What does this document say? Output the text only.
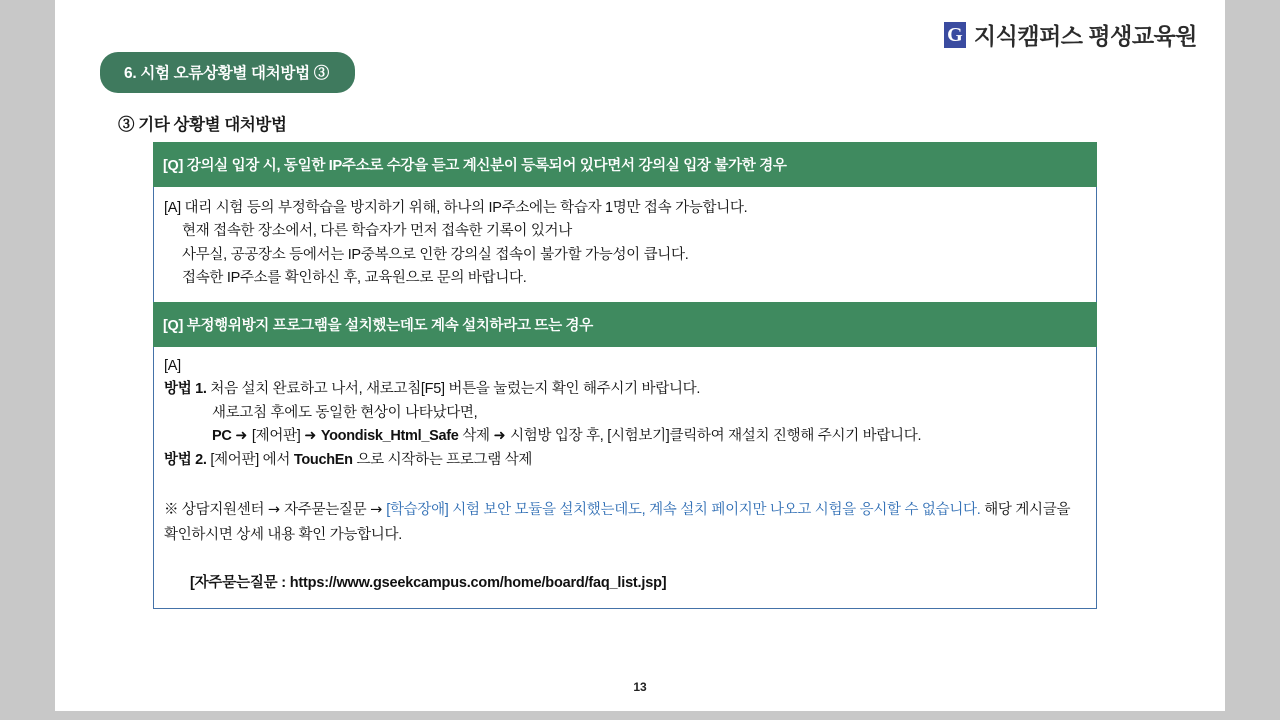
G 지식캠퍼스 평생교육원
6. 시험 오류상황별 대처방법 ③
③ 기타 상황별 대처방법
[Q] 강의실 입장 시, 동일한 IP주소로 수강을 듣고 계신분이 등록되어 있다면서 강의실 입장 불가한 경우
[A] 대리 시험 등의 부정학습을 방지하기 위해, 하나의 IP주소에는 학습자 1명만 접속 가능합니다.
현재 접속한 장소에서, 다른 학습자가 먼저 접속한 기록이 있거나
사무실, 공공장소 등에서는 IP중복으로 인한 강의실 접속이 불가할 가능성이 큽니다.
접속한 IP주소를 확인하신 후, 교육원으로 문의 바랍니다.
[Q] 부정행위방지 프로그램을 설치했는데도 계속 설치하라고 뜨는 경우
[A]
방법 1. 처음 설치 완료하고 나서, 새로고침[F5] 버튼을 눌렀는지 확인 해주시기 바랍니다.
새로고침 후에도 동일한 현상이 나타났다면,
PC ➜ [제어판] ➜ Yoondisk_Html_Safe 삭제 ➜ 시험방 입장 후, [시험보기]클릭하여 재설치 진행해 주시기 바랍니다.
방법 2. [제어판] 에서 TouchEn 으로 시작하는 프로그램 삭제
※ 상담지원센터 → 자주묻는질문 → [학습장애] 시험 보안 모듈을 설치했는데도, 계속 설치 페이지만 나오고 시험을 응시할 수 없습니다. 해당 게시글을 확인하시면 상세 내용 확인 가능합니다.
[자주묻는질문 : https://www.gseekcampus.com/home/board/faq_list.jsp]
13
